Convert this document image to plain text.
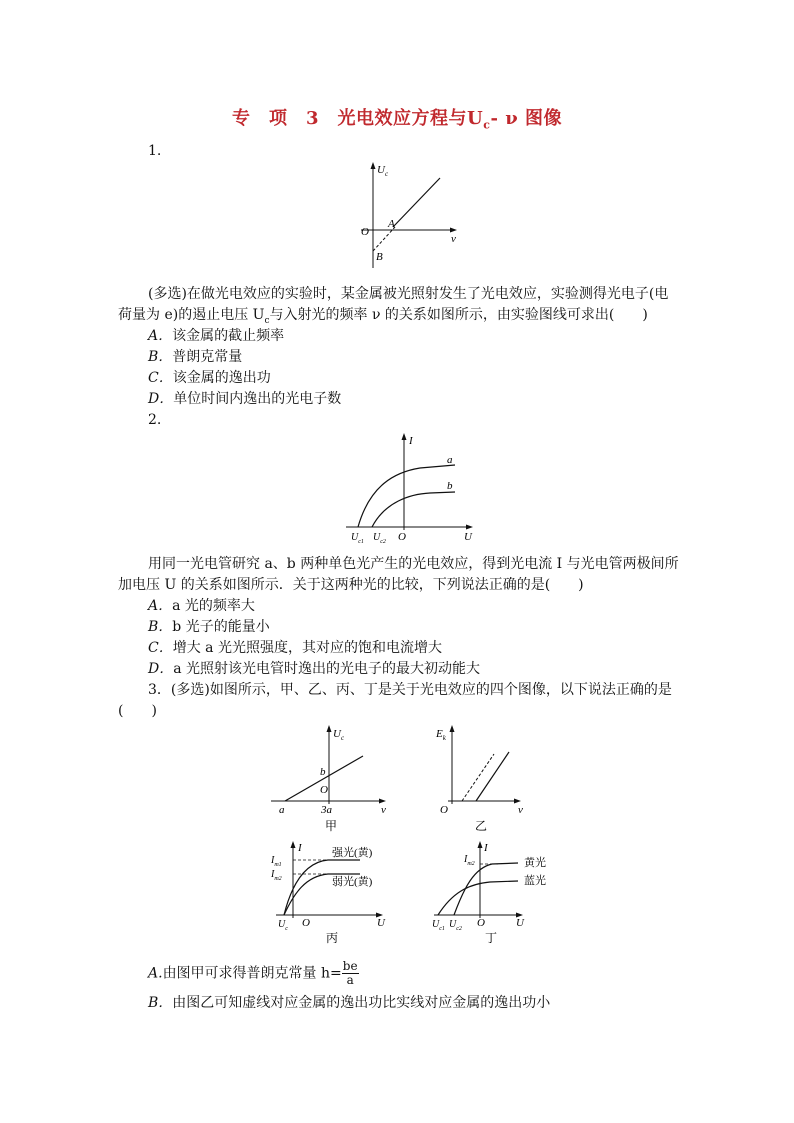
专　项　3　光电效应方程与$U_c-$ ν 图像
1.
$U_c$
ν
O
A
B
(多选)在做光电效应的实验时，某金属被光照射发生了光电效应，实验测得光电子(电
荷量为 e)的遏止电压 $U_c$与入射光的频率 ν 的关系如图所示，由实验图线可求出(　　)
A．该金属的截止频率
B．普朗克常量
C．该金属的逸出功
D．单位时间内逸出的光电子数
2.
I
U
O
a
b
$U_{c1}$ $U_{c2}$
用同一光电管研究 a、b 两种单色光产生的光电效应，得到光电流 I 与光电管两极间所
加电压 U 的关系如图所示．关于这两种光的比较，下列说法正确的是(　　)
A．a 光的频率大
B．b 光子的能量小
C．增大 a 光光照强度，其对应的饱和电流增大
D．a 光照射该光电管时逸出的光电子的最大初动能大
3．(多选)如图所示，甲、乙、丙、丁是关于光电效应的四个图像，以下说法正确的是
(　　)
$U_c$
ν
O
a
b
3a
甲
$E_k$
ν
O
乙
I
U
O
$U_c$
$I_{m1}$
$I_{m2}$
强光(黄)
弱光(黄)
丙
I
U
O
$U_{c1}$ $U_{c2}$
$I_{m2}$	黄光
蓝光
丁
A.由图甲可求得普朗克常量 $h= \frac{be}{a}$
B．由图乙可知虚线对应金属的逸出功比实线对应金属的逸出功小
